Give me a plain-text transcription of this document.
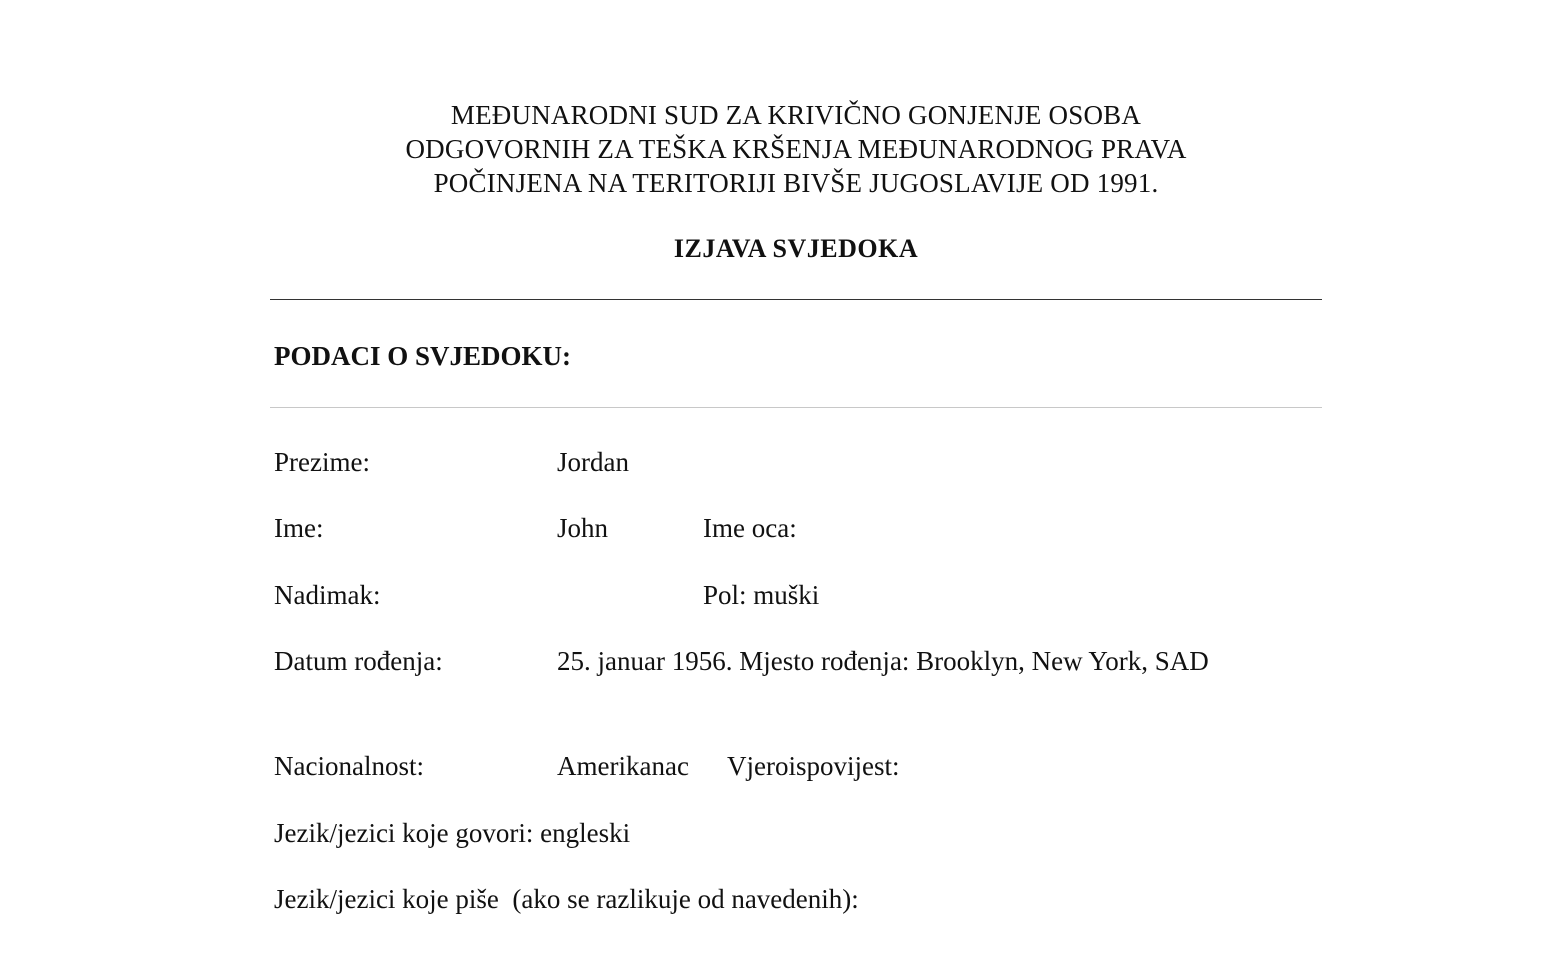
MEĐUNARODNI SUD ZA KRIVIČNO GONJENJE OSOBA
ODGOVORNIH ZA TEŠKA KRŠENJA MEĐUNARODNOG PRAVA
POČINJENA NA TERITORIJI BIVŠE JUGOSLAVIJE OD 1991.
IZJAVA SVJEDOKA
PODACI O SVJEDOKU:
Prezime:	Jordan
Ime:	John	Ime oca:
Nadimak:	Pol: muški
Datum rođenja:	25. januar 1956. Mjesto rođenja: Brooklyn, New York, SAD
Nacionalnost:	Amerikanac Vjeroispovijest:
Jezik/jezici koje govori: engleski
Jezik/jezici koje piše  (ako se razlikuje od navedenih):
